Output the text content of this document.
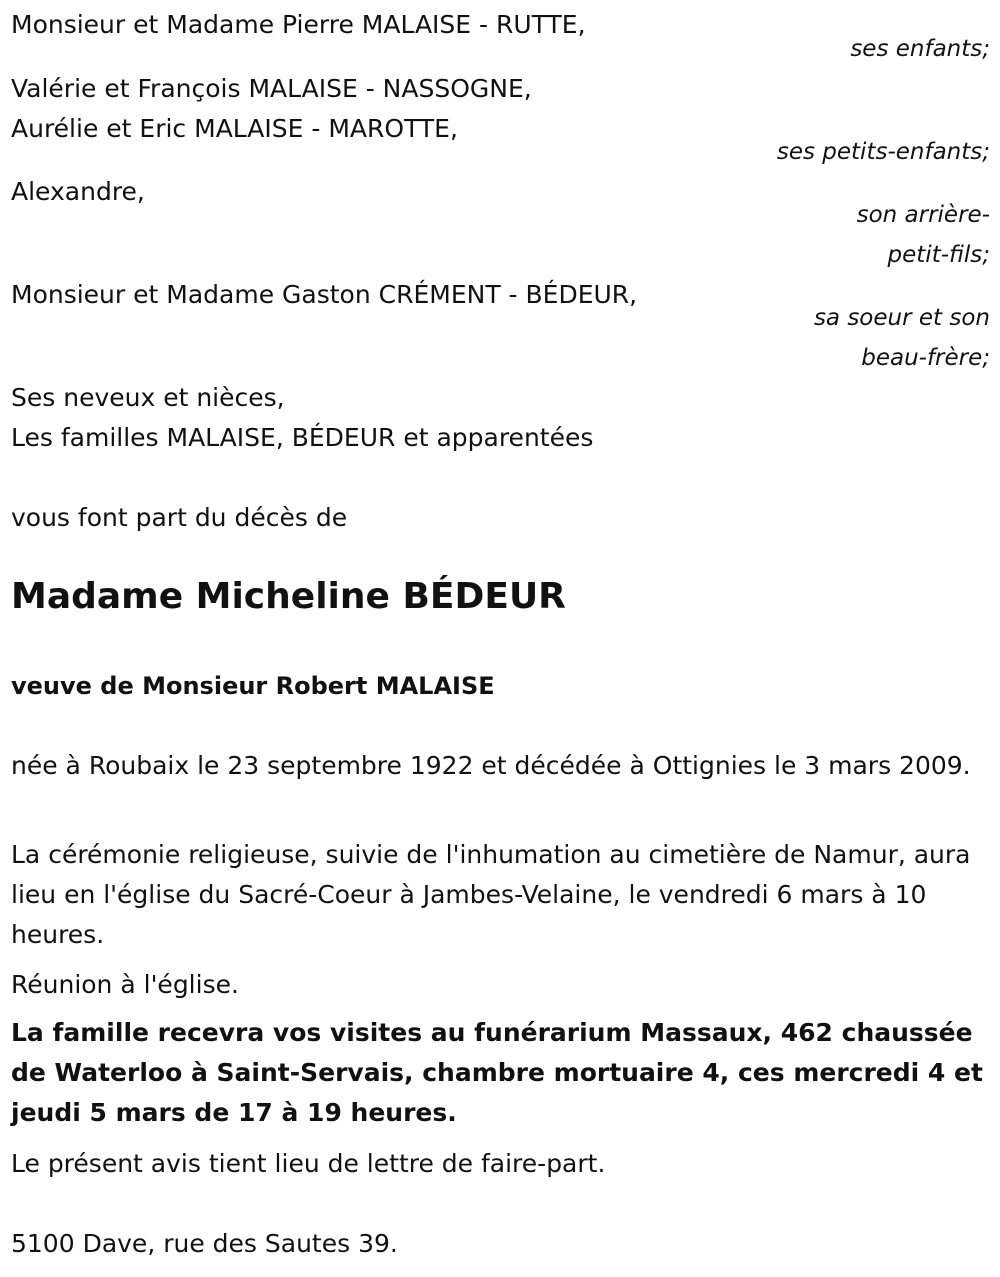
Monsieur et Madame Pierre MALAISE - RUTTE,
ses enfants;
Valérie et François MALAISE - NASSOGNE,
Aurélie et Eric MALAISE - MAROTTE,
ses petits-enfants;
Alexandre,
son arrière-
petit-fils;
Monsieur et Madame Gaston CRÉMENT - BÉDEUR,
sa soeur et son
beau-frère;
Ses neveux et nièces,
Les familles MALAISE, BÉDEUR et apparentées
vous font part du décès de
Madame Micheline BÉDEUR
veuve de Monsieur Robert MALAISE
née à Roubaix le 23 septembre 1922 et décédée à Ottignies le 3 mars 2009.
La cérémonie religieuse, suivie de l'inhumation au cimetière de Namur, aura lieu en l'église du Sacré-Coeur à Jambes-Velaine, le vendredi 6 mars à 10 heures.
Réunion à l'église.
La famille recevra vos visites au funérarium Massaux, 462 chaussée de Waterloo à Saint-Servais, chambre mortuaire 4, ces mercredi 4 et jeudi 5 mars de 17 à 19 heures.
Le présent avis tient lieu de lettre de faire-part.
5100 Dave, rue des Sautes 39.
